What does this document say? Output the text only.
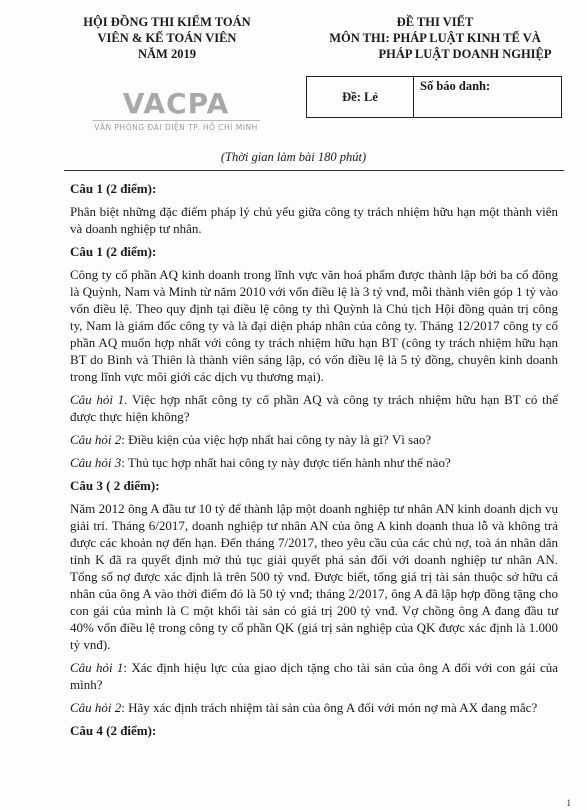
HỘI ĐỒNG THI KIỂM TOÁN
VIÊN & KẾ TOÁN VIÊN
NĂM 2019
ĐỀ THI VIẾT
MÔN THI: PHÁP LUẬT KINH TẾ VÀ
PHÁP LUẬT DOANH NGHIỆP
VACPA
VĂN PHÒNG ĐẠI DIỆN TP. HỒ CHÍ MINH
Đề: Lẻ
Số báo danh:
(Thời gian làm bài 180 phút)

Câu 1 (2 điểm):

Phân biệt những đặc điểm pháp lý chủ yếu giữa công ty trách nhiệm hữu hạn một thành viên và doanh nghiệp tư nhân.

Câu 1 (2 điểm):

Công ty cổ phần AQ kinh doanh trong lĩnh vực văn hoá phẩm được thành lập bởi ba cổ đông là Quỳnh, Nam và Minh từ năm 2010 với vốn điều lệ là 3 tỷ vnđ, mỗi thành viên góp 1 tỷ vào vốn điều lệ. Theo quy định tại điều lệ công ty thì Quỳnh là Chủ tịch Hội đồng quản trị công ty, Nam là giám đốc công ty và là đại diện pháp nhân của công ty. Tháng 12/2017 công ty cổ phần AQ muốn hợp nhất với công ty trách nhiệm hữu hạn BT (công ty trách nhiệm hữu hạn BT do Bình và Thiên là thành viên sáng lập, có vốn điều lệ là 5 tỷ đồng, chuyên kinh doanh trong lĩnh vực môi giới các dịch vụ thương mại).

Câu hỏi 1. Việc hợp nhất công ty cổ phần AQ và công ty trách nhiệm hữu hạn BT có thể được thực hiện không?

Câu hỏi 2: Điều kiện của việc hợp nhất hai công ty này là gì? Vì sao?

Câu hỏi 3: Thủ tục hợp nhất hai công ty này được tiến hành như thế nào?

Câu 3 ( 2 điểm):

Năm 2012 ông A đầu tư 10 tỷ để thành lập một doanh nghiệp tư nhân AN kinh doanh dịch vụ giải trí. Tháng 6/2017, doanh nghiệp tư nhân AN của ông A kinh doanh thua lỗ và không trả được các khoản nợ đến hạn. Đến tháng 7/2017, theo yêu cầu của các chủ nợ, toà án nhân dân tỉnh K đã ra quyết định mở thủ tục giải quyết phá sản đối với doanh nghiệp tư nhân AN. Tổng số nợ được xác định là trên 500 tỷ vnđ. Được biết, tổng giá trị tài sản thuộc sở hữu cá nhân của ông A vào thời điểm đó là 50 tỷ vnđ; tháng 2/2017, ông A đã lập hợp đồng tặng cho con gái của mình là C một khối tài sản có giá trị 200 tỷ vnđ. Vợ chồng ông A đang đầu tư 40% vốn điều lệ trong công ty cổ phần QK (giá trị sản nghiệp của QK được xác định là 1.000 tỷ vnđ).

Câu hỏi 1: Xác định hiệu lực của giao dịch tặng cho tài sản của ông A đối với con gái của mình?

Câu hỏi 2: Hãy xác định trách nhiệm tài sản của ông A đối với món nợ mà AX đang mắc?

Câu 4 (2 điểm):

1
